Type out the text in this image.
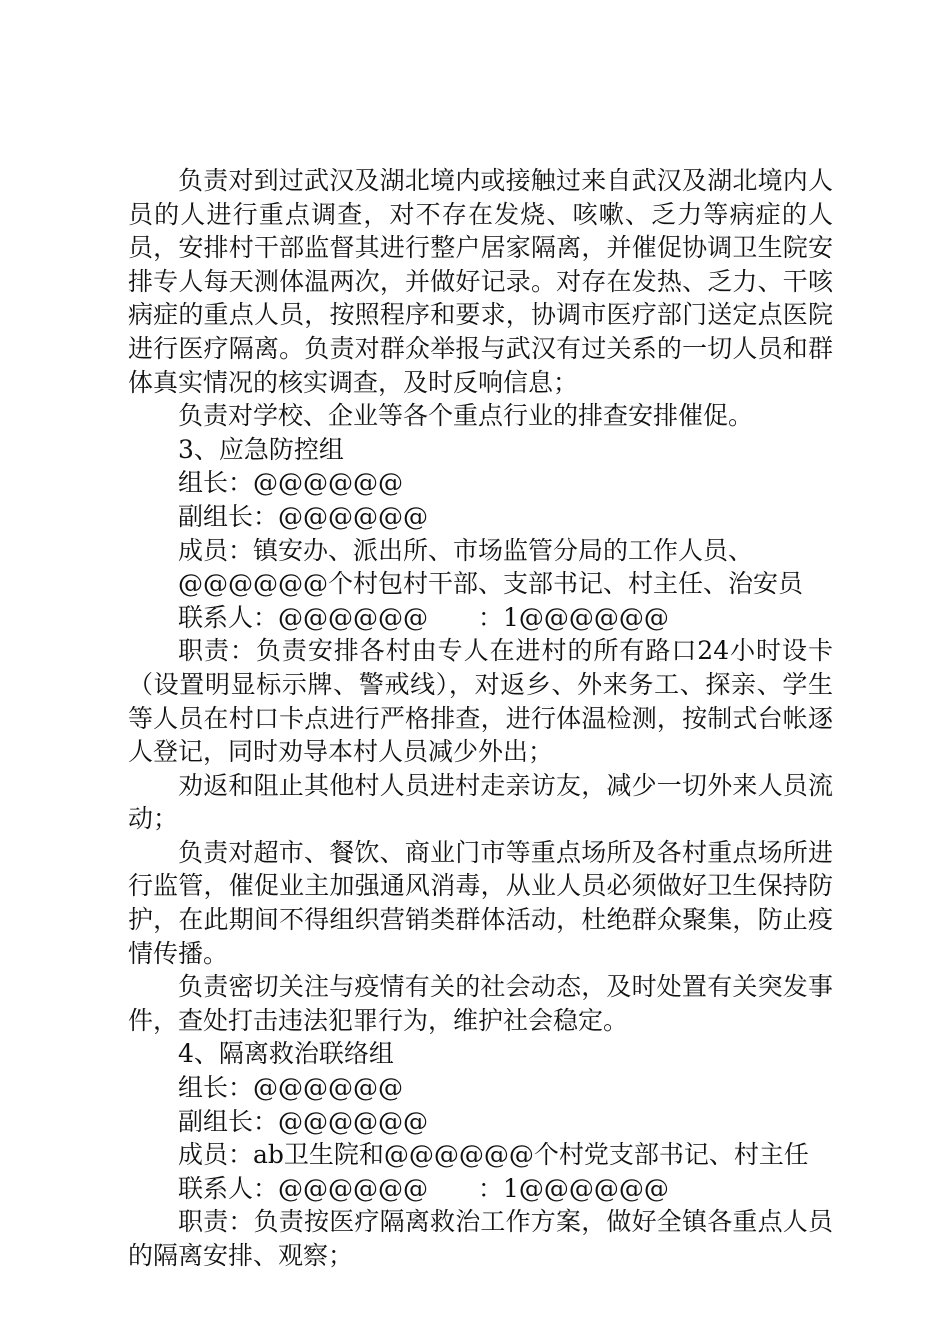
负责对到过武汉及湖北境内或接触过来自武汉及湖北境内人员的人进行重点调查，对不存在发烧、咳嗽、乏力等病症的人员，安排村干部监督其进行整户居家隔离，并催促协调卫生院安排专人每天测体温两次，并做好记录。对存在发热、乏力、干咳病症的重点人员，按照程序和要求，协调市医疗部门送定点医院进行医疗隔离。负责对群众举报与武汉有过关系的一切人员和群体真实情况的核实调查，及时反响信息；

负责对学校、企业等各个重点行业的排查安排催促。

3、应急防控组

组长：@@@@@@

副组长：@@@@@@

成员：镇安办、派出所、市场监管分局的工作人员、

@@@@@@个村包村干部、支部书记、村主任、治安员

联系人：@@@@@@　　：1@@@@@@

职责：负责安排各村由专人在进村的所有路口24小时设卡（设置明显标示牌、警戒线），对返乡、外来务工、探亲、学生等人员在村口卡点进行严格排查，进行体温检测，按制式台帐逐人登记，同时劝导本村人员减少外出；

劝返和阻止其他村人员进村走亲访友，减少一切外来人员流动；

负责对超市、餐饮、商业门市等重点场所及各村重点场所进行监管，催促业主加强通风消毒，从业人员必须做好卫生保持防护，在此期间不得组织营销类群体活动，杜绝群众聚集，防止疫情传播。

负责密切关注与疫情有关的社会动态，及时处置有关突发事件，查处打击违法犯罪行为，维护社会稳定。

4、隔离救治联络组

组长：@@@@@@

副组长：@@@@@@

成员：ab卫生院和@@@@@@个村党支部书记、村主任

联系人：@@@@@@　　：1@@@@@@

职责：负责按医疗隔离救治工作方案，做好全镇各重点人员的隔离安排、观察；
